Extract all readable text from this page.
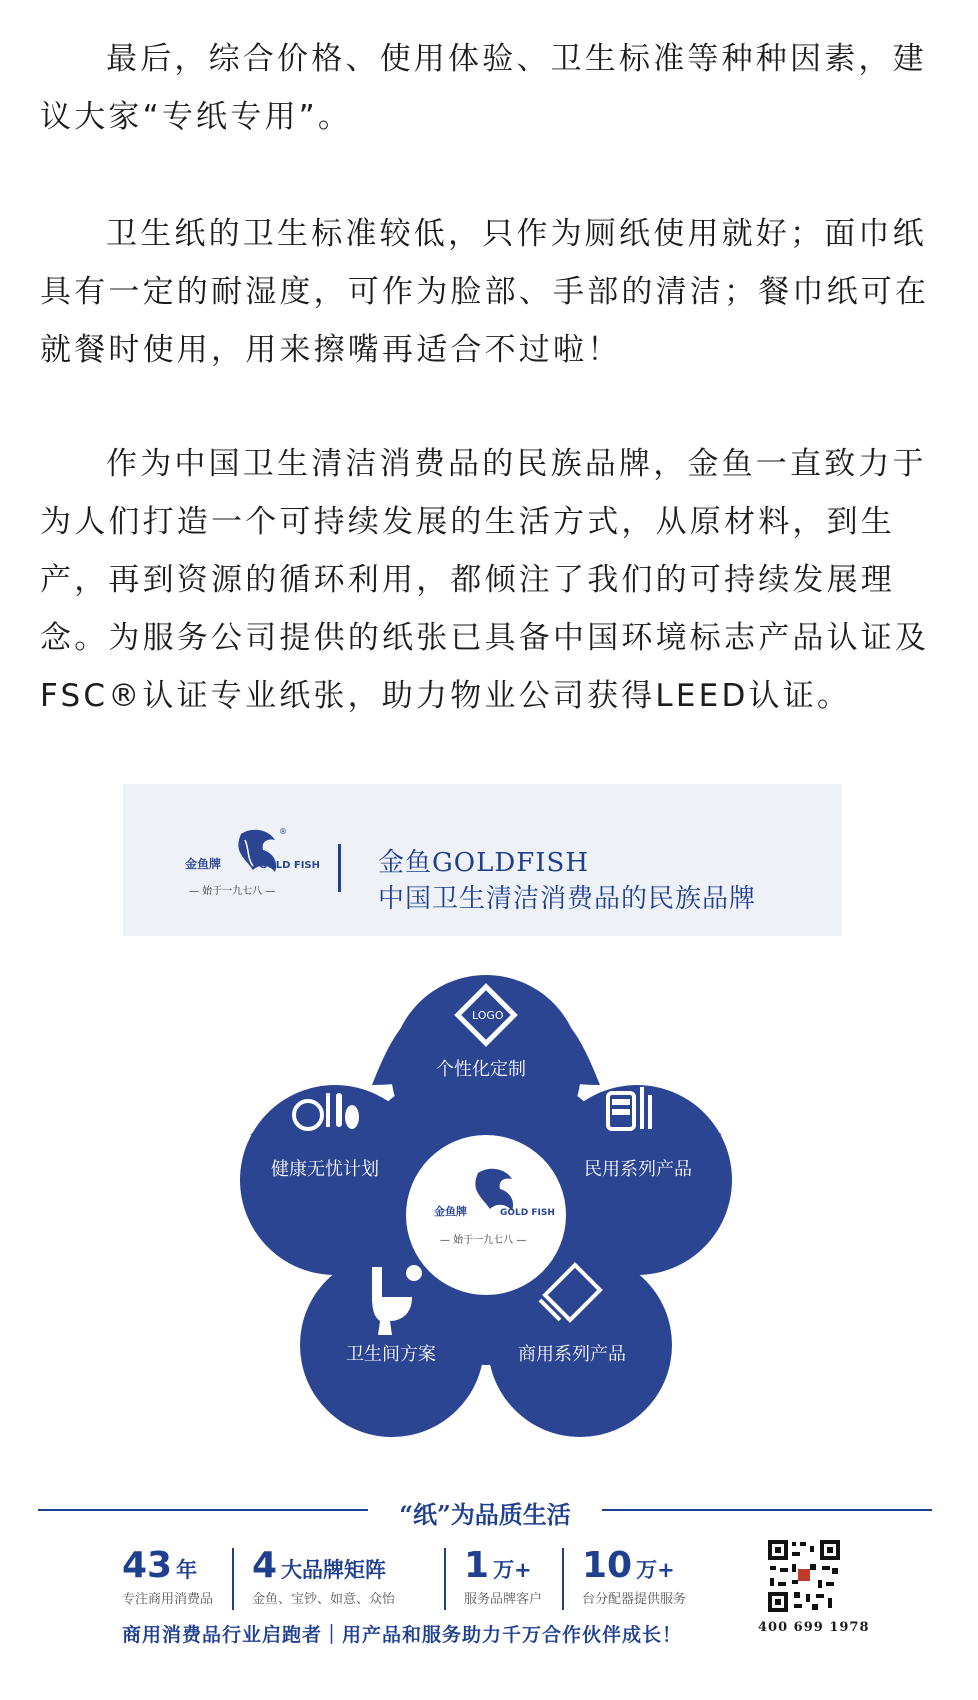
最后，综合价格、使用体验、卫生标准等种种因素，建议大家“专纸专用”。

卫生纸的卫生标准较低，只作为厕纸使用就好；面巾纸具有一定的耐湿度，可作为脸部、手部的清洁；餐巾纸可在就餐时使用，用来擦嘴再适合不过啦！

作为中国卫生清洁消费品的民族品牌，金鱼一直致力于为人们打造一个可持续发展的生活方式，从原材料，到生产，再到资源的循环利用，都倾注了我们的可持续发展理念。为服务公司提供的纸张已具备中国环境标志产品认证及FSC®认证专业纸张，助力物业公司获得LEED认证。

®
金鱼牌	GOLD FISH
— 始于一九七八 —
金鱼GOLDFISH
中国卫生清洁消费品的民族品牌
金鱼牌	GOLD FISH
— 始于一九七八 —
LOGO
个性化定制
健康无忧计划	民用系列产品
卫生间方案	商用系列产品
“纸”为品质生活
43 年
专注商用消费品
4 大品牌矩阵
金鱼、宝钞、如意、众怡
1 万+
服务品牌客户
10 万+
台分配器提供服务
商用消费品行业启跑者｜用产品和服务助力千万合作伙伴成长！	400 699 1978
